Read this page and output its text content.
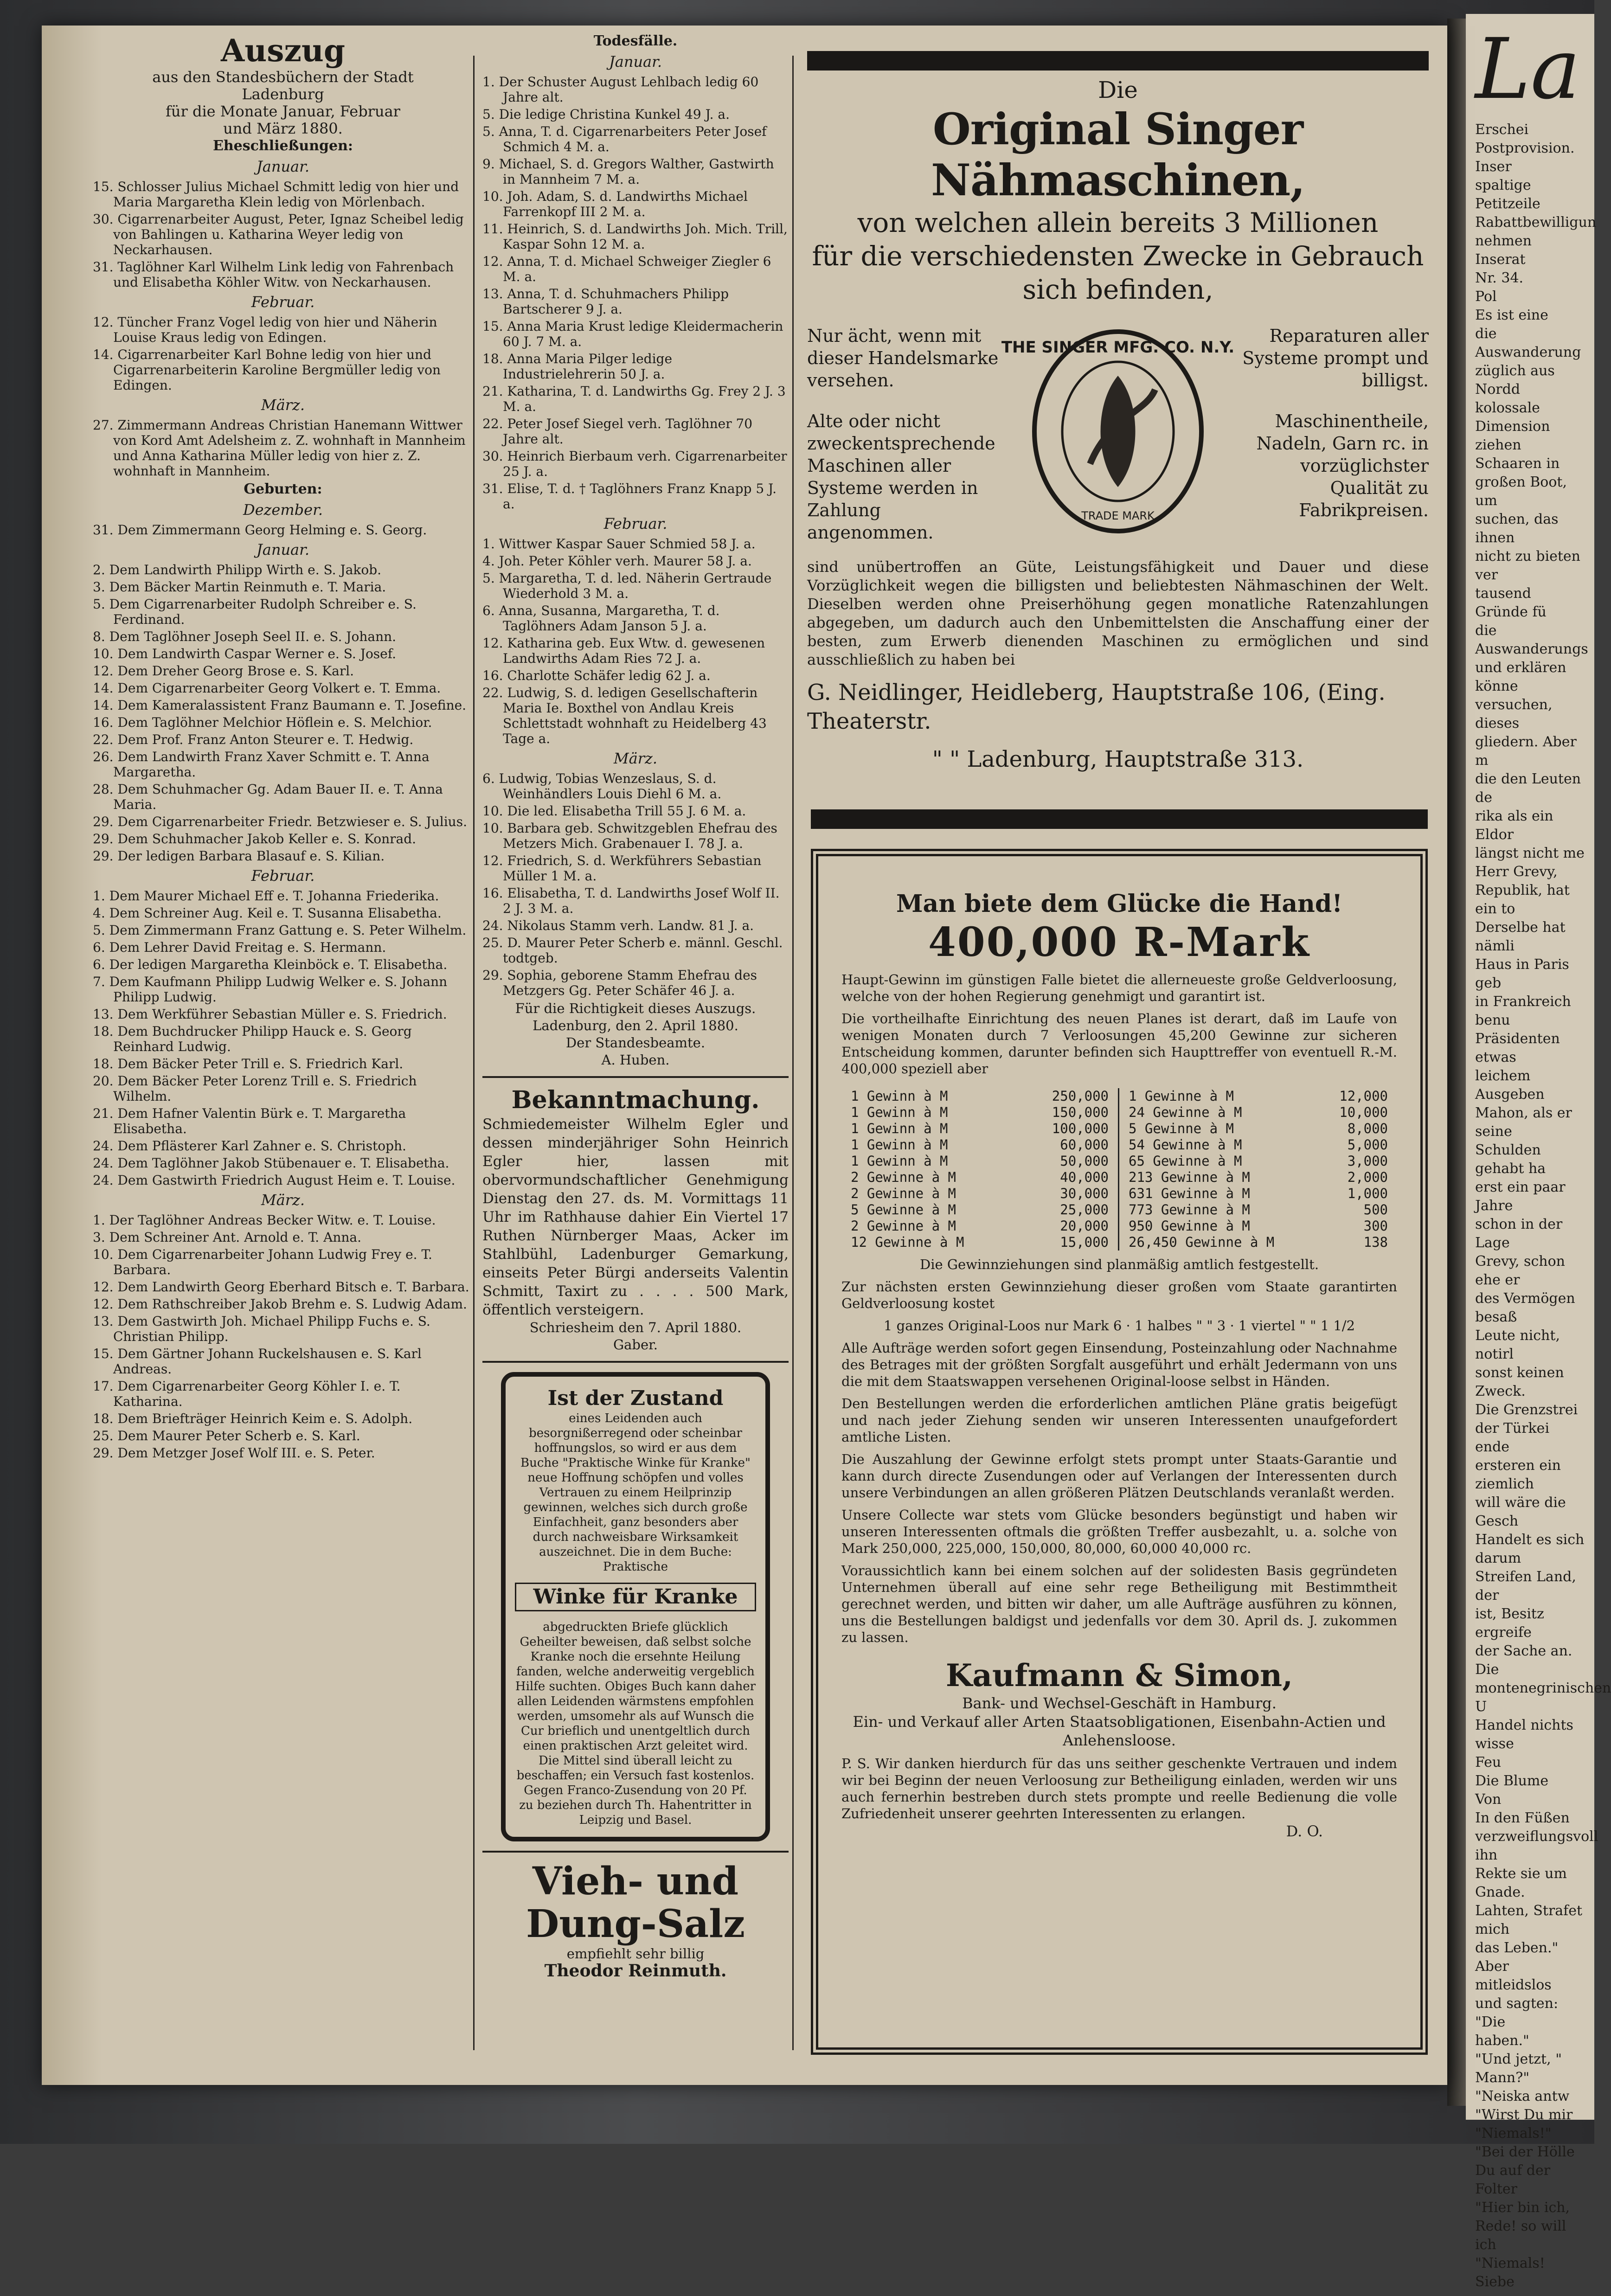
La
Erschei
Postprovision.
Inser
spaltige Petitzeile
Rabattbewilligun
nehmen Inserat
Nr. 34.
Pol
Es ist eine
die Auswanderung
züglich aus Nordd
kolossale Dimension
ziehen Schaaren in
großen Boot, um
suchen, das ihnen
nicht zu bieten ver
tausend Gründe fü
die Auswanderungs
und erklären könne
versuchen, dieses
gliedern. Aber m
die den Leuten de
rika als ein Eldor
längst nicht me
Herr Grevy,
Republik, hat ein to
Derselbe hat nämli
Haus in Paris geb
in Frankreich benu
Präsidenten etwas
leichem Ausgeben
Mahon, als er seine
Schulden gehabt ha
erst ein paar Jahre
schon in der Lage
Grevy, schon ehe er
des Vermögen besaß
Leute nicht, notirl
sonst keinen Zweck.
Die Grenzstrei
der Türkei ende
ersteren ein ziemlich
will wäre die Gesch
Handelt es sich darum
Streifen Land, der
ist, Besitz ergreife
der Sache an. Die
montenegrinischen U
Handel nichts wisse
Feu
Die Blume
Von
In den Füßen
verzweiflungsvoll ihn
Rekte sie um Gnade.
Lahten, Strafet mich
das Leben."
Aber mitleidslos
und sagten: "Die
haben."
"Und jetzt, "
Mann?"
"Neiska antw
"Wirst Du mir
"Niemals!"
"Bei der Hölle
Du auf der Folter
"Hier bin ich,
Rede! so will ich
"Niemals! Siebe
Auszug
aus den Standesbüchern der Stadt
Ladenburg
für die Monate Januar, Februar
und März 1880.
Eheschließungen:
Januar.
15. Schlosser Julius Michael Schmitt ledig von hier und Maria Margaretha Klein ledig von Mörlenbach.
30. Cigarrenarbeiter August, Peter, Ignaz Scheibel ledig von Bahlingen u. Katharina Weyer ledig von Neckarhausen.
31. Taglöhner Karl Wilhelm Link ledig von Fahrenbach und Elisabetha Köhler Witw. von Neckarhausen.
Februar.
12. Tüncher Franz Vogel ledig von hier und Näherin Louise Kraus ledig von Edingen.
14. Cigarrenarbeiter Karl Bohne ledig von hier und Cigarrenarbeiterin Karoline Bergmüller ledig von Edingen.
März.
27. Zimmermann Andreas Christian Hanemann Wittwer von Kord Amt Adelsheim z. Z. wohnhaft in Mannheim und Anna Katharina Müller ledig von hier z. Z. wohnhaft in Mannheim.
Geburten:
Dezember.
31. Dem Zimmermann Georg Helming e. S. Georg.
Januar.
2. Dem Landwirth Philipp Wirth e. S. Jakob.
3. Dem Bäcker Martin Reinmuth e. T. Maria.
5. Dem Cigarrenarbeiter Rudolph Schreiber e. S. Ferdinand.
8. Dem Taglöhner Joseph Seel II. e. S. Johann.
10. Dem Landwirth Caspar Werner e. S. Josef.
12. Dem Dreher Georg Brose e. S. Karl.
14. Dem Cigarrenarbeiter Georg Volkert e. T. Emma.
14. Dem Kameralassistent Franz Baumann e. T. Josefine.
16. Dem Taglöhner Melchior Höflein e. S. Melchior.
22. Dem Prof. Franz Anton Steurer e. T. Hedwig.
26. Dem Landwirth Franz Xaver Schmitt e. T. Anna Margaretha.
28. Dem Schuhmacher Gg. Adam Bauer II. e. T. Anna Maria.
29. Dem Cigarrenarbeiter Friedr. Betzwieser e. S. Julius.
29. Dem Schuhmacher Jakob Keller e. S. Konrad.
29. Der ledigen Barbara Blasauf e. S. Kilian.
Februar.
1. Dem Maurer Michael Eff e. T. Johanna Friederika.
4. Dem Schreiner Aug. Keil e. T. Susanna Elisabetha.
5. Dem Zimmermann Franz Gattung e. S. Peter Wilhelm.
6. Dem Lehrer David Freitag e. S. Hermann.
6. Der ledigen Margaretha Kleinböck e. T. Elisabetha.
7. Dem Kaufmann Philipp Ludwig Welker e. S. Johann Philipp Ludwig.
13. Dem Werkführer Sebastian Müller e. S. Friedrich.
18. Dem Buchdrucker Philipp Hauck e. S. Georg Reinhard Ludwig.
18. Dem Bäcker Peter Trill e. S. Friedrich Karl.
20. Dem Bäcker Peter Lorenz Trill e. S. Friedrich Wilhelm.
21. Dem Hafner Valentin Bürk e. T. Margaretha Elisabetha.
24. Dem Pflästerer Karl Zahner e. S. Christoph.
24. Dem Taglöhner Jakob Stübenauer e. T. Elisabetha.
24. Dem Gastwirth Friedrich August Heim e. T. Louise.
März.
1. Der Taglöhner Andreas Becker Witw. e. T. Louise.
3. Dem Schreiner Ant. Arnold e. T. Anna.
10. Dem Cigarrenarbeiter Johann Ludwig Frey e. T. Barbara.
12. Dem Landwirth Georg Eberhard Bitsch e. T. Barbara.
12. Dem Rathschreiber Jakob Brehm e. S. Ludwig Adam.
13. Dem Gastwirth Joh. Michael Philipp Fuchs e. S. Christian Philipp.
15. Dem Gärtner Johann Ruckelshausen e. S. Karl Andreas.
17. Dem Cigarrenarbeiter Georg Köhler I. e. T. Katharina.
18. Dem Briefträger Heinrich Keim e. S. Adolph.
25. Dem Maurer Peter Scherb e. S. Karl.
29. Dem Metzger Josef Wolf III. e. S. Peter.
Todesfälle.
Januar.
1. Der Schuster August Lehlbach ledig 60 Jahre alt.
5. Die ledige Christina Kunkel 49 J. a.
5. Anna, T. d. Cigarrenarbeiters Peter Josef Schmich 4 M. a.
9. Michael, S. d. Gregors Walther, Gastwirth in Mannheim 7 M. a.
10. Joh. Adam, S. d. Landwirths Michael Farrenkopf III 2 M. a.
11. Heinrich, S. d. Landwirths Joh. Mich. Trill, Kaspar Sohn 12 M. a.
12. Anna, T. d. Michael Schweiger Ziegler 6 M. a.
13. Anna, T. d. Schuhmachers Philipp Bartscherer 9 J. a.
15. Anna Maria Krust ledige Kleidermacherin 60 J. 7 M. a.
18. Anna Maria Pilger ledige Industrielehrerin 50 J. a.
21. Katharina, T. d. Landwirths Gg. Frey 2 J. 3 M. a.
22. Peter Josef Siegel verh. Taglöhner 70 Jahre alt.
30. Heinrich Bierbaum verh. Cigarrenarbeiter 25 J. a.
31. Elise, T. d. † Taglöhners Franz Knapp 5 J. a.
Februar.
1. Wittwer Kaspar Sauer Schmied 58 J. a.
4. Joh. Peter Köhler verh. Maurer 58 J. a.
5. Margaretha, T. d. led. Näherin Gertraude Wiederhold 3 M. a.
6. Anna, Susanna, Margaretha, T. d. Taglöhners Adam Janson 5 J. a.
12. Katharina geb. Eux Wtw. d. gewesenen Landwirths Adam Ries 72 J. a.
16. Charlotte Schäfer ledig 62 J. a.
22. Ludwig, S. d. ledigen Gesellschafterin Maria Ie. Boxthel von Andlau Kreis Schlettstadt wohnhaft zu Heidelberg 43 Tage a.
März.
6. Ludwig, Tobias Wenzeslaus, S. d. Weinhändlers Louis Diehl 6 M. a.
10. Die led. Elisabetha Trill 55 J. 6 M. a.
10. Barbara geb. Schwitzgeblen Ehefrau des Metzers Mich. Grabenauer I. 78 J. a.
12. Friedrich, S. d. Werkführers Sebastian Müller 1 M. a.
16. Elisabetha, T. d. Landwirths Josef Wolf II. 2 J. 3 M. a.
24. Nikolaus Stamm verh. Landw. 81 J. a.
25. D. Maurer Peter Scherb e. männl. Geschl. todtgeb.
29. Sophia, geborene Stamm Ehefrau des Metzgers Gg. Peter Schäfer 46 J. a.
Für die Richtigkeit dieses Auszugs.
Ladenburg, den 2. April 1880.
Der Standesbeamte.
A. Huben.
Bekanntmachung.
Schmiedemeister Wilhelm Egler und dessen minderjähriger Sohn Heinrich Egler hier, lassen mit obervormundschaftlicher Genehmigung Dienstag den 27. ds. M. Vormittags 11 Uhr im Rathhause dahier Ein Viertel 17 Ruthen Nürnberger Maas, Acker im Stahlbühl, Ladenburger Gemarkung, einseits Peter Bürgi anderseits Valentin Schmitt, Taxirt zu . . . . 500 Mark, öffentlich versteigern.
Schriesheim den 7. April 1880.
Gaber.
Ist der Zustand
eines Leidenden auch besorgnißerregend oder scheinbar hoffnungslos, so wird er aus dem Buche "Praktische Winke für Kranke" neue Hoffnung schöpfen und volles Vertrauen zu einem Heilprinzip gewinnen, welches sich durch große Einfachheit, ganz besonders aber durch nachweisbare Wirksamkeit auszeichnet. Die in dem Buche: Praktische
Winke für Kranke
abgedruckten Briefe glücklich Geheilter beweisen, daß selbst solche Kranke noch die ersehnte Heilung fanden, welche anderweitig vergeblich Hilfe suchten. Obiges Buch kann daher allen Leidenden wärmstens empfohlen werden, umsomehr als auf Wunsch die Cur brieflich und unentgeltlich durch einen praktischen Arzt geleitet wird. Die Mittel sind überall leicht zu beschaffen; ein Versuch fast kostenlos. Gegen Franco-Zusendung von 20 Pf. zu beziehen durch Th. Hahentritter in Leipzig und Basel.
Vieh- und Dung-Salz
empfiehlt sehr billig
Theodor Reinmuth.
Die
Original Singer Nähmaschinen,
von welchen allein bereits 3 Millionen
für die verschiedensten Zwecke in Gebrauch sich befinden,
Nur ächt, wenn mit dieser Handelsmarke versehen.
Alte oder nicht zweckentsprechende Maschinen aller Systeme werden in Zahlung angenommen.
THE SINGER MFG. CO. N.Y.
TRADE MARK
Reparaturen aller Systeme prompt und billigst.
Maschinentheile, Nadeln, Garn rc. in vorzüglichster Qualität zu Fabrikpreisen.
sind unübertroffen an Güte, Leistungsfähigkeit und Dauer und diese Vorzüglichkeit wegen die billigsten und beliebtesten Nähmaschinen der Welt. Dieselben werden ohne Preiserhöhung gegen monatliche Ratenzahlungen abgegeben, um dadurch auch den Unbemittelsten die Anschaffung einer der besten, zum Erwerb dienenden Maschinen zu ermöglichen und sind ausschließlich zu haben bei
G. Neidlinger, Heidleberg, Hauptstraße 106, (Eing. Theaterstr.
" " Ladenburg, Hauptstraße 313.
Man biete dem Glücke die Hand!
400,000 R-Mark
Haupt-Gewinn im günstigen Falle bietet die allerneueste große Geldverloosung, welche von der hohen Regierung genehmigt und garantirt ist.
Die vortheilhafte Einrichtung des neuen Planes ist derart, daß im Laufe von wenigen Monaten durch 7 Verloosungen 45,200 Gewinne zur sicheren Entscheidung kommen, darunter befinden sich Haupttreffer von eventuell R.-M. 400,000 speziell aber
1 Gewinn à M	250,000
1 Gewinn à M	150,000
1 Gewinn à M	100,000
1 Gewinn à M	60,000
1 Gewinn à M	50,000
2 Gewinne à M	40,000
2 Gewinne à M	30,000
5 Gewinne à M	25,000
2 Gewinne à M	20,000
12 Gewinne à M	15,000
1 Gewinne à M	12,000
24 Gewinne à M	10,000
5 Gewinne à M	8,000
54 Gewinne à M	5,000
65 Gewinne à M	3,000
213 Gewinne à M	2,000
631 Gewinne à M	1,000
773 Gewinne à M	500
950 Gewinne à M	300
26,450 Gewinne à M	138
Die Gewinnziehungen sind planmäßig amtlich festgestellt.
Zur nächsten ersten Gewinnziehung dieser großen vom Staate garantirten Geldverloosung kostet
1 ganzes Original-Loos nur Mark 6 · 1 halbes " " 3 · 1 viertel " " 1 1/2
Alle Aufträge werden sofort gegen Einsendung, Posteinzahlung oder Nachnahme des Betrages mit der größten Sorgfalt ausgeführt und erhält Jedermann von uns die mit dem Staatswappen versehenen Original-loose selbst in Händen.
Den Bestellungen werden die erforderlichen amtlichen Pläne gratis beigefügt und nach jeder Ziehung senden wir unseren Interessenten unaufgefordert amtliche Listen.
Die Auszahlung der Gewinne erfolgt stets prompt unter Staats-Garantie und kann durch directe Zusendungen oder auf Verlangen der Interessenten durch unsere Verbindungen an allen größeren Plätzen Deutschlands veranlaßt werden.
Unsere Collecte war stets vom Glücke besonders begünstigt und haben wir unseren Interessenten oftmals die größten Treffer ausbezahlt, u. a. solche von Mark 250,000, 225,000, 150,000, 80,000, 60,000 40,000 rc.
Voraussichtlich kann bei einem solchen auf der solidesten Basis gegründeten Unternehmen überall auf eine sehr rege Betheiligung mit Bestimmtheit gerechnet werden, und bitten wir daher, um alle Aufträge ausführen zu können, uns die Bestellungen baldigst und jedenfalls vor dem 30. April ds. J. zukommen zu lassen.
Kaufmann & Simon,
Bank- und Wechsel-Geschäft in Hamburg.
Ein- und Verkauf aller Arten Staatsobligationen, Eisenbahn-Actien und Anlehensloose.
P. S. Wir danken hierdurch für das uns seither geschenkte Vertrauen und indem wir bei Beginn der neuen Verloosung zur Betheiligung einladen, werden wir uns auch fernerhin bestreben durch stets prompte und reelle Bedienung die volle Zufriedenheit unserer geehrten Interessenten zu erlangen.
D. O.
